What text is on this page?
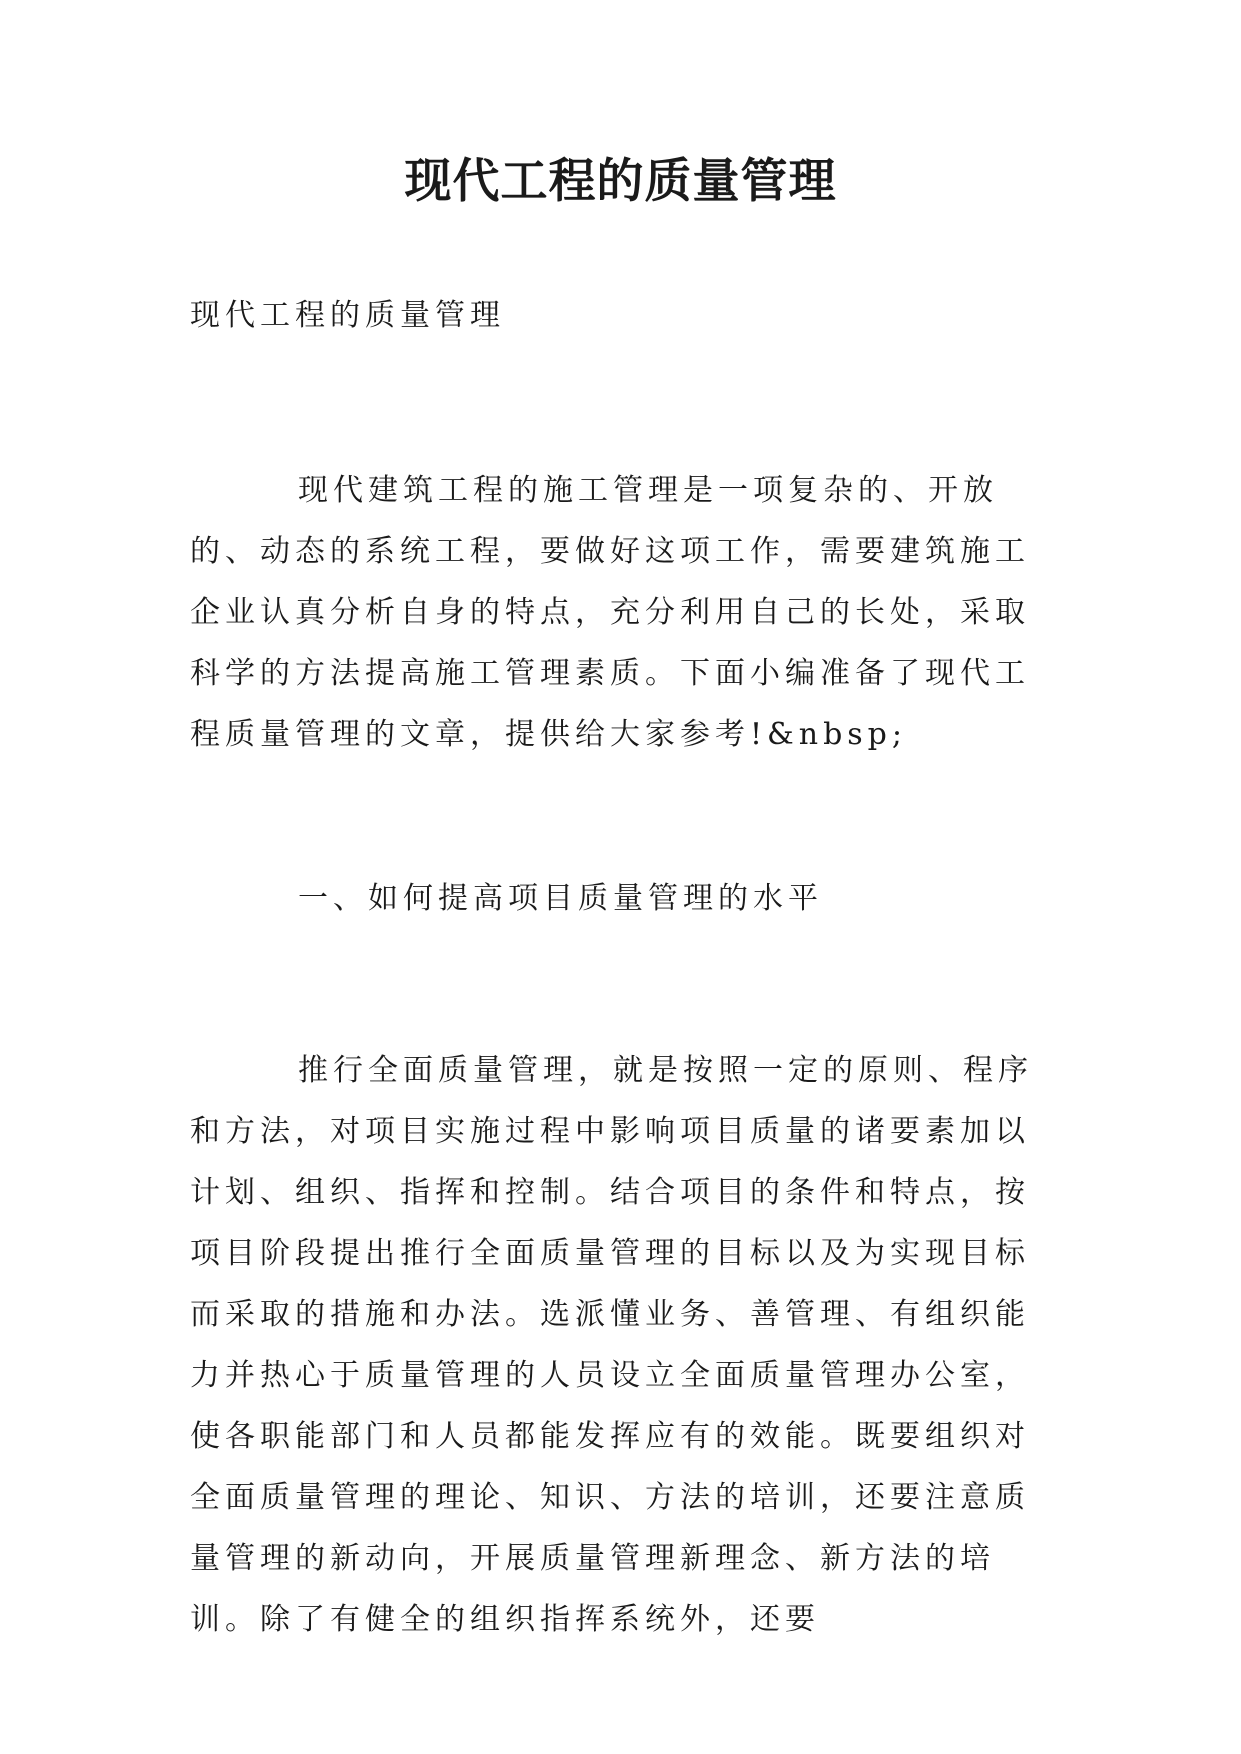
现代工程的质量管理

现代工程的质量管理

现代建筑工程的施工管理是一项复杂的、开放的、动态的系统工程，要做好这项工作，需要建筑施工企业认真分析自身的特点，充分利用自己的长处，采取科学的方法提高施工管理素质。下面小编准备了现代工程质量管理的文章，提供给大家参考!&nbsp;

一、如何提高项目质量管理的水平

推行全面质量管理，就是按照一定的原则、程序和方法，对项目实施过程中影响项目质量的诸要素加以计划、组织、指挥和控制。结合项目的条件和特点，按项目阶段提出推行全面质量管理的目标以及为实现目标而采取的措施和办法。选派懂业务、善管理、有组织能力并热心于质量管理的人员设立全面质量管理办公室，使各职能部门和人员都能发挥应有的效能。既要组织对全面质量管理的理论、知识、方法的培训，还要注意质量管理的新动向，开展质量管理新理念、新方法的培训。除了有健全的组织指挥系统外，还要
